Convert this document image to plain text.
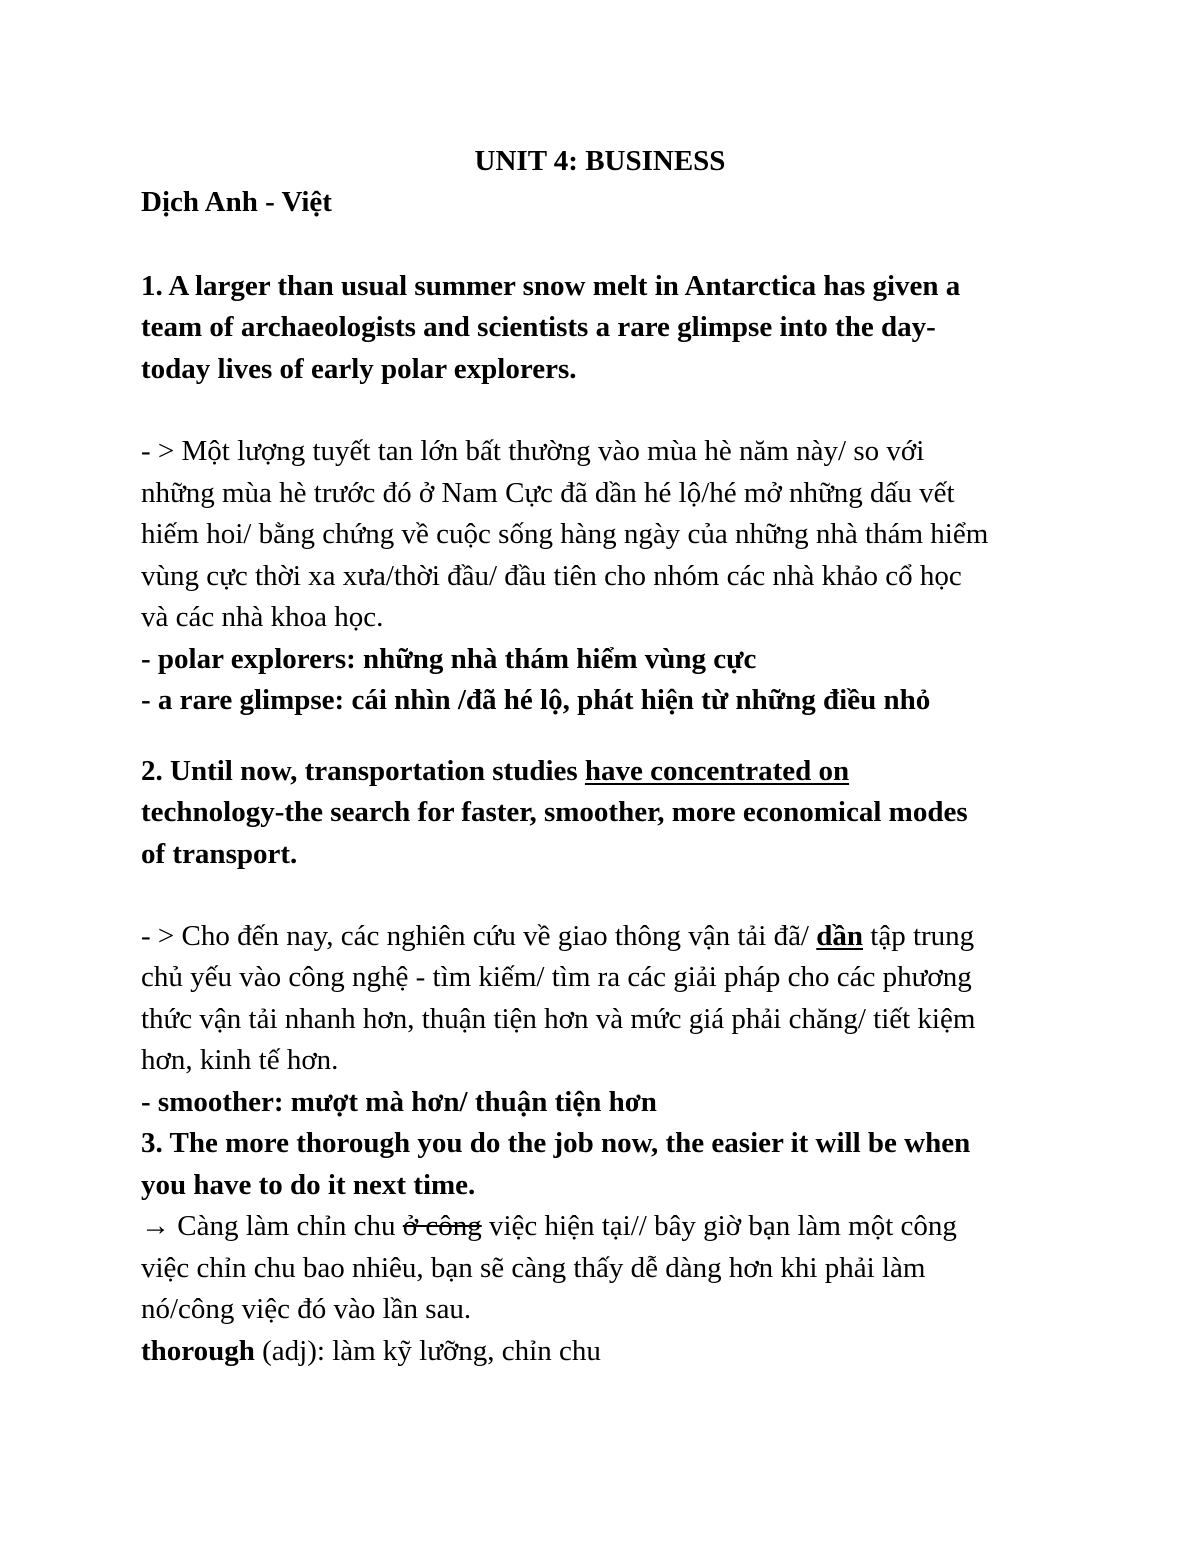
UNIT 4: BUSINESS
Dịch Anh - Việt
1. A larger than usual summer snow melt in Antarctica has given a
team of archaeologists and scientists a rare glimpse into the day-
today lives of early polar explorers.
- > Một lượng tuyết tan lớn bất thường vào mùa hè năm này/ so với
những mùa hè trước đó ở Nam Cực đã dần hé lộ/hé mở những dấu vết
hiếm hoi/ bằng chứng về cuộc sống hàng ngày của những nhà thám hiểm
vùng cực thời xa xưa/thời đầu/ đầu tiên cho nhóm các nhà khảo cổ học
và các nhà khoa học.
- polar explorers: những nhà thám hiểm vùng cực
- a rare glimpse: cái nhìn /đã hé lộ, phát hiện từ những điều nhỏ
2. Until now, transportation studies have concentrated on
technology-the search for faster, smoother, more economical modes
of transport.
- > Cho đến nay, các nghiên cứu về giao thông vận tải đã/ dần tập trung
chủ yếu vào công nghệ - tìm kiếm/ tìm ra các giải pháp cho các phương
thức vận tải nhanh hơn, thuận tiện hơn và mức giá phải chăng/ tiết kiệm
hơn, kinh tế hơn.
- smoother: mượt mà hơn/ thuận tiện hơn
3. The more thorough you do the job now, the easier it will be when
you have to do it next time.
→ Càng làm chỉn chu ở công việc hiện tại// bây giờ bạn làm một công
việc chỉn chu bao nhiêu, bạn sẽ càng thấy dễ dàng hơn khi phải làm
nó/công việc đó vào lần sau.
thorough (adj): làm kỹ lưỡng, chỉn chu
